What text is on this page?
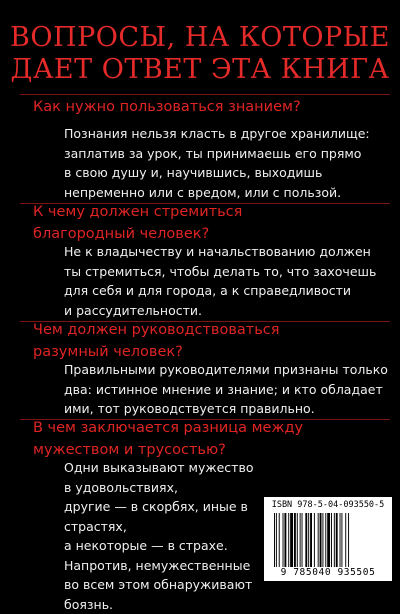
ВОПРОСЫ, НА КОТОРЫЕ
ДАЕТ ОТВЕТ ЭТА КНИГА
Как нужно пользоваться знанием?
Познания нельзя класть в другое хранилище:
заплатив за урок, ты принимаешь его прямо
в свою душу и, научившись, выходишь
непременно или с вредом, или с пользой.
К чему должен стремиться
благородный человек?
Не к владычеству и начальствованию должен
ты стремиться, чтобы делать то, что захочешь
для себя и для города, а к справедливости
и рассудительности.
Чем должен руководствоваться
разумный человек?
Правильными руководителями признаны только
два: истинное мнение и знание; и кто обладает
ими, тот руководствуется правильно.
В чем заключается разница между
мужеством и трусостью?
Одни выказывают мужество в удовольствиях,
другие — в скорбях, иные в страстях,
а некоторые — в страхе.
Напротив, немужественные
во всем этом обнаруживают
боязнь.
ISBN 978-5-04-093550-5
9 785040 935505
